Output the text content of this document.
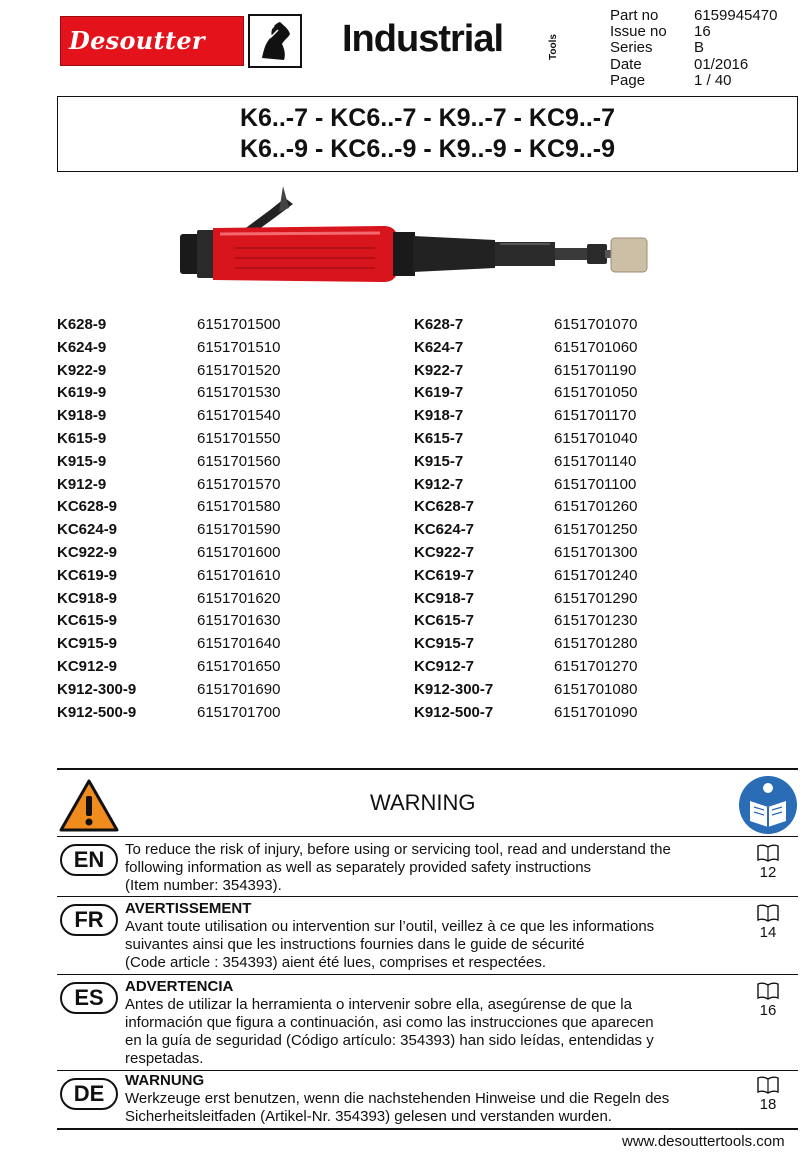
Desoutter	Industrial	Tools
Part no	6159945470
Issue no	16
Series	B
Date	01/2016
Page	1 / 40
K6..-7 - KC6..-7 - K9..-7 - KC9..-7
K6..-9 - KC6..-9 - K9..-9 - KC9..-9
K628-9	6151701500
K624-9	6151701510
K922-9	6151701520
K619-9	6151701530
K918-9	6151701540
K615-9	6151701550
K915-9	6151701560
K912-9	6151701570
KC628-9	6151701580
KC624-9	6151701590
KC922-9	6151701600
KC619-9	6151701610
KC918-9	6151701620
KC615-9	6151701630
KC915-9	6151701640
KC912-9	6151701650
K912-300-9	6151701690
K912-500-9	6151701700
K628-7	6151701070
K624-7	6151701060
K922-7	6151701190
K619-7	6151701050
K918-7	6151701170
K615-7	6151701040
K915-7	6151701140
K912-7	6151701100
KC628-7	6151701260
KC624-7	6151701250
KC922-7	6151701300
KC619-7	6151701240
KC918-7	6151701290
KC615-7	6151701230
KC915-7	6151701280
KC912-7	6151701270
K912-300-7	6151701080
K912-500-7	6151701090
WARNING
EN	To reduce the risk of injury, before using or servicing tool, read and understand the
following information as well as separately provided safety instructions
(Item number: 354393).
12
FR	AVERTISSEMENT
Avant toute utilisation ou intervention sur l’outil, veillez à ce que les informations
suivantes ainsi que les instructions fournies dans le guide de sécurité
(Code article : 354393) aient été lues, comprises et respectées.
14
ES	ADVERTENCIA
Antes de utilizar la herramienta o intervenir sobre ella, asegúrense de que la
información que figura a continuación, asi como las instrucciones que aparecen
en la guía de seguridad (Código artículo: 354393) han sido leídas, entendidas y
respetadas.
16
DE
WARNUNG
Werkzeuge erst benutzen, wenn die nachstehenden Hinweise und die Regeln des
Sicherheitsleitfaden (Artikel-Nr. 354393) gelesen und verstanden wurden.
18
www.desouttertools.com
